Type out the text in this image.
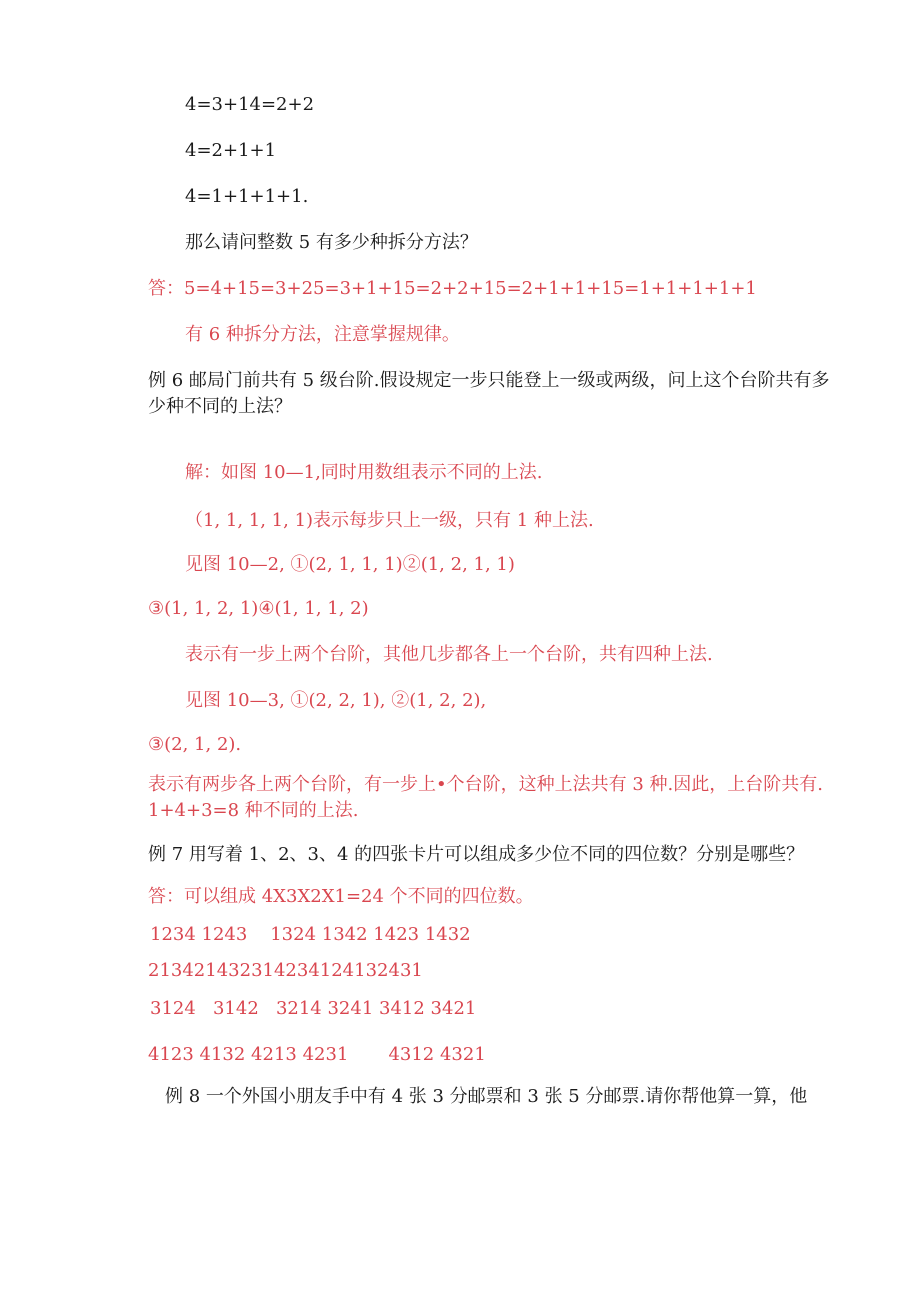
4=3+14=2+2
4=2+1+1
4=1+1+1+1.
那么请问整数 5 有多少种拆分方法？
答：5=4+15=3+25=3+1+15=2+2+15=2+1+1+15=1+1+1+1+1
有 6 种拆分方法，注意掌握规律。
例 6 邮局门前共有 5 级台阶.假设规定一步只能登上一级或两级，问上这个台阶共有多少种不同的上法？
解：如图 10—1,同时用数组表示不同的上法.
（1, 1, 1, 1, 1)表示每步只上一级，只有 1 种上法.
见图 10—2, ①(2, 1, 1, 1)②(1, 2, 1, 1)
③(1, 1, 2, 1)④(1, 1, 1, 2)
表示有一步上两个台阶，其他几步都各上一个台阶，共有四种上法.
见图 10—3, ①(2, 2, 1), ②(1, 2, 2),
③(2, 1, 2).
表示有两步各上两个台阶，有一步上•个台阶，这种上法共有 3 种.因此，上台阶共有. 1+4+3=8 种不同的上法.
例 7 用写着 1、2、3、4 的四张卡片可以组成多少位不同的四位数？分别是哪些？
答：可以组成 4X3X2X1=24 个不同的四位数。
1234 1243    1324 1342 1423 1432
213421432314234124132431
3124   3142   3214 3241 3412 3421
4123 4132 4213 4231       4312 4321
例 8 一个外国小朋友手中有 4 张 3 分邮票和 3 张 5 分邮票.请你帮他算一算，他
